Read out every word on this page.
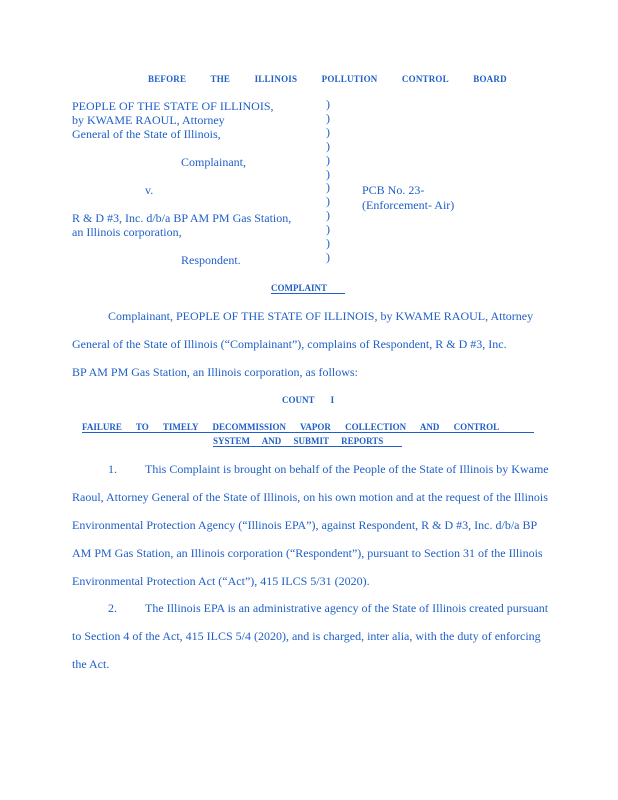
BEFORE	THE	ILLINOIS	POLLUTION	CONTROL	BOARD
PEOPLE OF THE STATE OF ILLINOIS,
by KWAME RAOUL, Attorney
General of the State of Illinois,
Complainant,
v.
R & D #3, Inc. d/b/a BP AM PM Gas Station,
an Illinois corporation,
Respondent.
PCB No. 23-
(Enforcement- Air)
)
)
)
)
)
)
)
)
)
)
)
)
COMPLAINT
Complainant, PEOPLE OF THE STATE OF ILLINOIS, by KWAME RAOUL, Attorney
General of the State of Illinois (“Complainant”), complains of Respondent, R & D #3, Inc.
BP AM PM Gas Station, an Illinois corporation, as follows:
COUNT I
FAILURE TO TIMELY DECOMMISSION VAPOR COLLECTION AND CONTROL
SYSTEM AND SUBMIT REPORTS
1. This Complaint is brought on behalf of the People of the State of Illinois by Kwame
Raoul, Attorney General of the State of Illinois, on his own motion and at the request of the Illinois
Environmental Protection Agency (“Illinois EPA”), against Respondent, R & D #3, Inc. d/b/a BP
AM PM Gas Station, an Illinois corporation (“Respondent”), pursuant to Section 31 of the Illinois
Environmental Protection Act (“Act”), 415 ILCS 5/31 (2020).
2. The Illinois EPA is an administrative agency of the State of Illinois created pursuant
to Section 4 of the Act, 415 ILCS 5/4 (2020), and is charged, inter alia, with the duty of enforcing
the Act.
